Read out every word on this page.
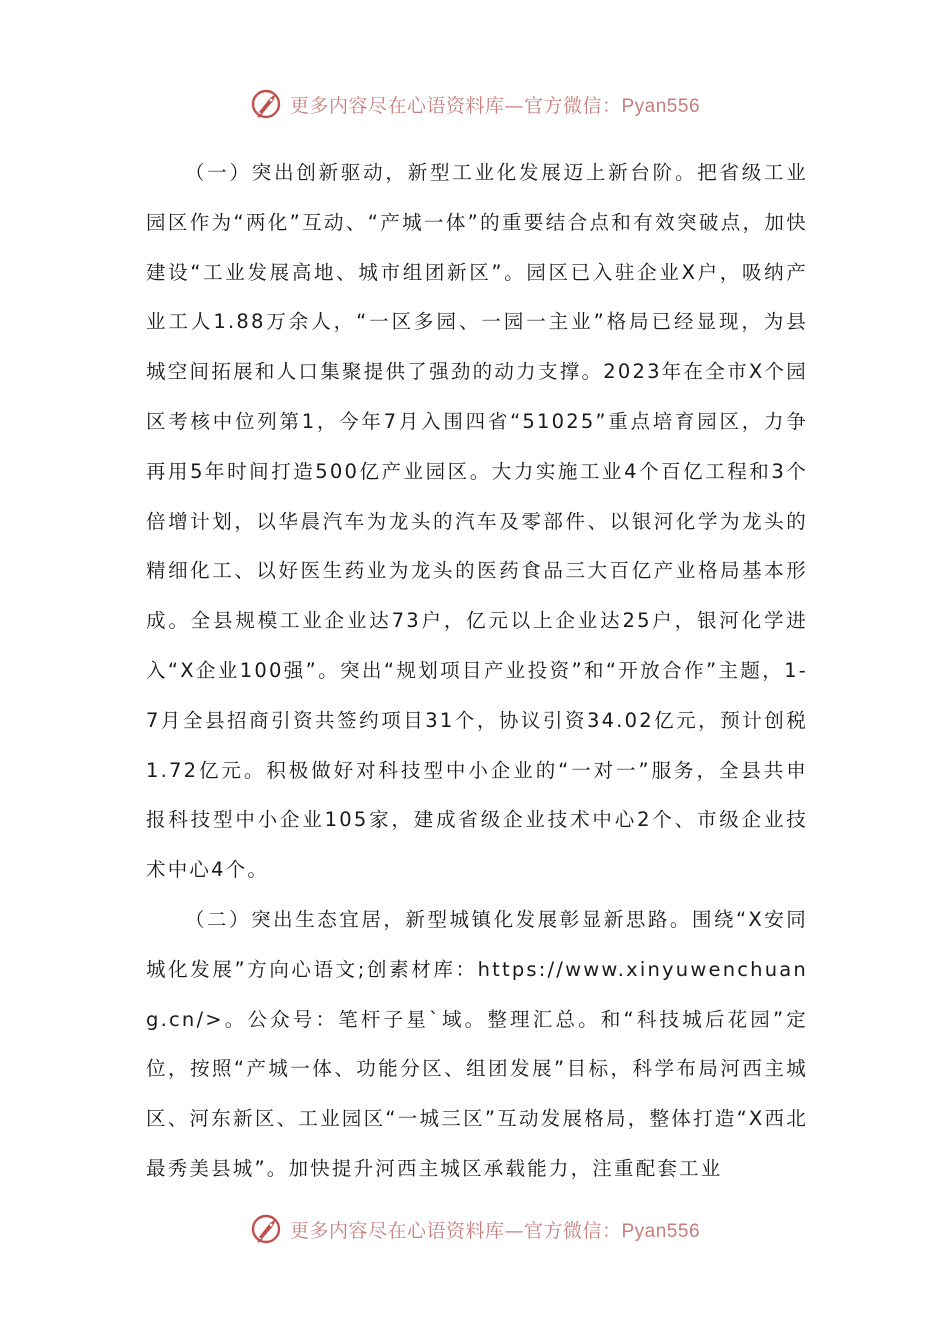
更多内容尽在心语资料库—官方微信：Pyan556

（一）突出创新驱动，新型工业化发展迈上新台阶。把省级工业园区作为“两化”互动、“产城一体”的重要结合点和有效突破点，加快建设“工业发展高地、城市组团新区”。园区已入驻企业X户，吸纳产业工人1.88万余人，“一区多园、一园一主业”格局已经显现，为县城空间拓展和人口集聚提供了强劲的动力支撑。2023年在全市X个园区考核中位列第1，今年7月入围四省“51025”重点培育园区，力争再用5年时间打造500亿产业园区。大力实施工业4个百亿工程和3个倍增计划，以华晨汽车为龙头的汽车及零部件、以银河化学为龙头的精细化工、以好医生药业为龙头的医药食品三大百亿产业格局基本形成。全县规模工业企业达73户，亿元以上企业达25户，银河化学进入“X企业100强”。突出“规划项目产业投资”和“开放合作”主题，1-7月全县招商引资共签约项目31个，协议引资34.02亿元，预计创税1.72亿元。积极做好对科技型中小企业的“一对一”服务，全县共申报科技型中小企业105家，建成省级企业技术中心2个、市级企业技术中心4个。

（二）突出生态宜居，新型城镇化发展彰显新思路。围绕“X安同城化发展”方向心语文;创素材库：https://www.xinyuwenchuang.cn/>。公众号：笔杆子星`域。整理汇总。和“科技城后花园”定位，按照“产城一体、功能分区、组团发展”目标，科学布局河西主城区、河东新区、工业园区“一城三区”互动发展格局，整体打造“X西北最秀美县城”。加快提升河西主城区承载能力，注重配套工业

更多内容尽在心语资料库—官方微信：Pyan556
